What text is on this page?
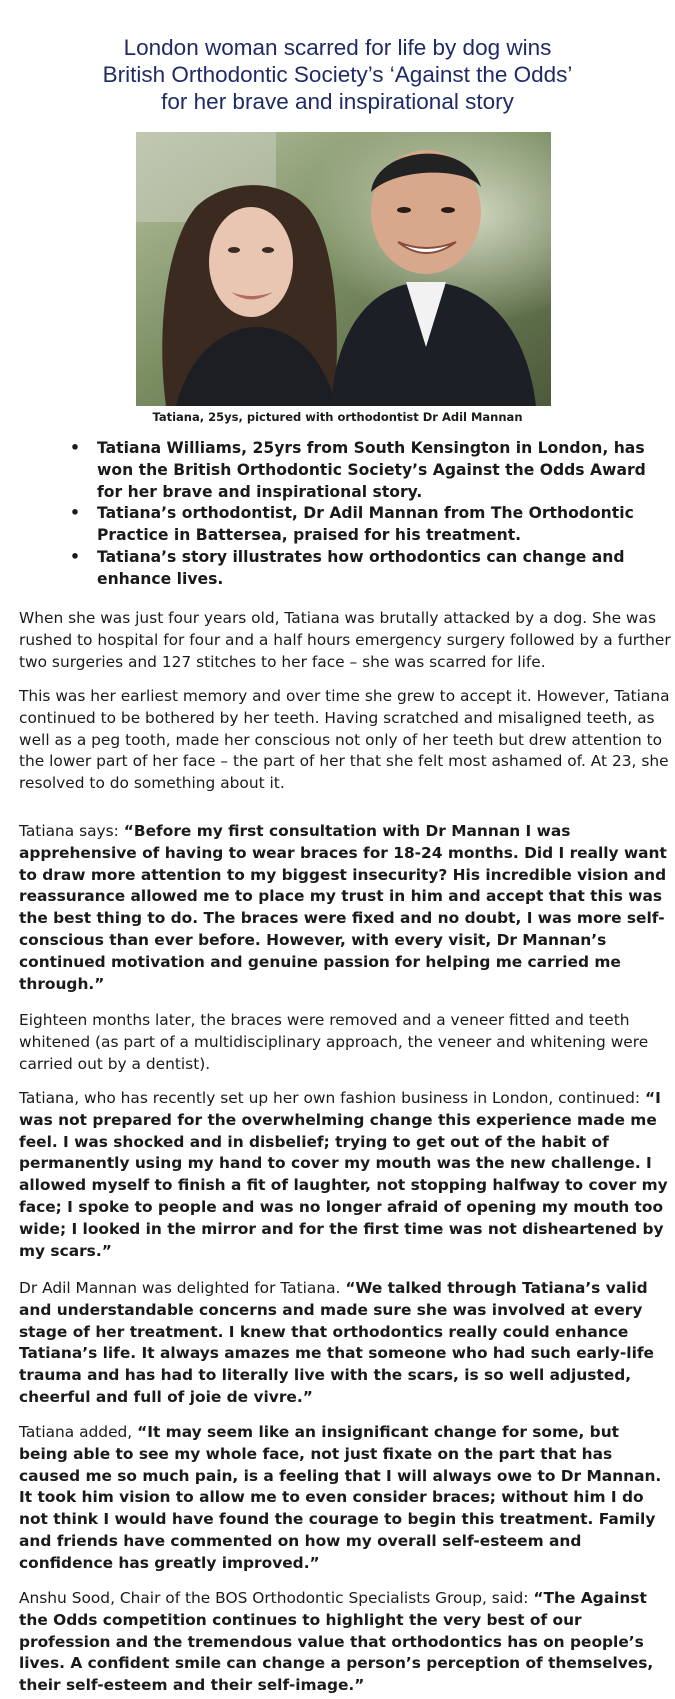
London woman scarred for life by dog wins
British Orthodontic Society’s ‘Against the Odds’
for her brave and inspirational story
Tatiana, 25ys, pictured with orthodontist Dr Adil Mannan
• Tatiana Williams, 25yrs from South Kensington in London, has won the British Orthodontic Society’s Against the Odds Award for her brave and inspirational story.
• Tatiana’s orthodontist, Dr Adil Mannan from The Orthodontic Practice in Battersea, praised for his treatment.
• Tatiana’s story illustrates how orthodontics can change and enhance lives.

When she was just four years old, Tatiana was brutally attacked by a dog. She was rushed to hospital for four and a half hours emergency surgery followed by a further two surgeries and 127 stitches to her face – she was scarred for life.

This was her earliest memory and over time she grew to accept it. However, Tatiana continued to be bothered by her teeth. Having scratched and misaligned teeth, as well as a peg tooth, made her conscious not only of her teeth but drew attention to the lower part of her face – the part of her that she felt most ashamed of. At 23, she resolved to do something about it.

Tatiana says: “Before my first consultation with Dr Mannan I was apprehensive of having to wear braces for 18-24 months. Did I really want to draw more attention to my biggest insecurity? His incredible vision and reassurance allowed me to place my trust in him and accept that this was the best thing to do. The braces were fixed and no doubt, I was more self-conscious than ever before. However, with every visit, Dr Mannan’s continued motivation and genuine passion for helping me carried me through.”

Eighteen months later, the braces were removed and a veneer fitted and teeth whitened (as part of a multidisciplinary approach, the veneer and whitening were carried out by a dentist).

Tatiana, who has recently set up her own fashion business in London, continued: “I was not prepared for the overwhelming change this experience made me feel. I was shocked and in disbelief; trying to get out of the habit of permanently using my hand to cover my mouth was the new challenge. I allowed myself to finish a fit of laughter, not stopping halfway to cover my face; I spoke to people and was no longer afraid of opening my mouth too wide; I looked in the mirror and for the first time was not disheartened by my scars.”

Dr Adil Mannan was delighted for Tatiana. “We talked through Tatiana’s valid and understandable concerns and made sure she was involved at every stage of her treatment. I knew that orthodontics really could enhance Tatiana’s life. It always amazes me that someone who had such early-life trauma and has had to literally live with the scars, is so well adjusted, cheerful and full of joie de vivre.”

Tatiana added, “It may seem like an insignificant change for some, but being able to see my whole face, not just fixate on the part that has caused me so much pain, is a feeling that I will always owe to Dr Mannan. It took him vision to allow me to even consider braces; without him I do not think I would have found the courage to begin this treatment. Family and friends have commented on how my overall self-esteem and confidence has greatly improved.”

Anshu Sood, Chair of the BOS Orthodontic Specialists Group, said: “The Against the Odds competition continues to highlight the very best of our profession and the tremendous value that orthodontics has on people’s lives. A confident smile can change a person’s perception of themselves, their self-esteem and their self-image.”
